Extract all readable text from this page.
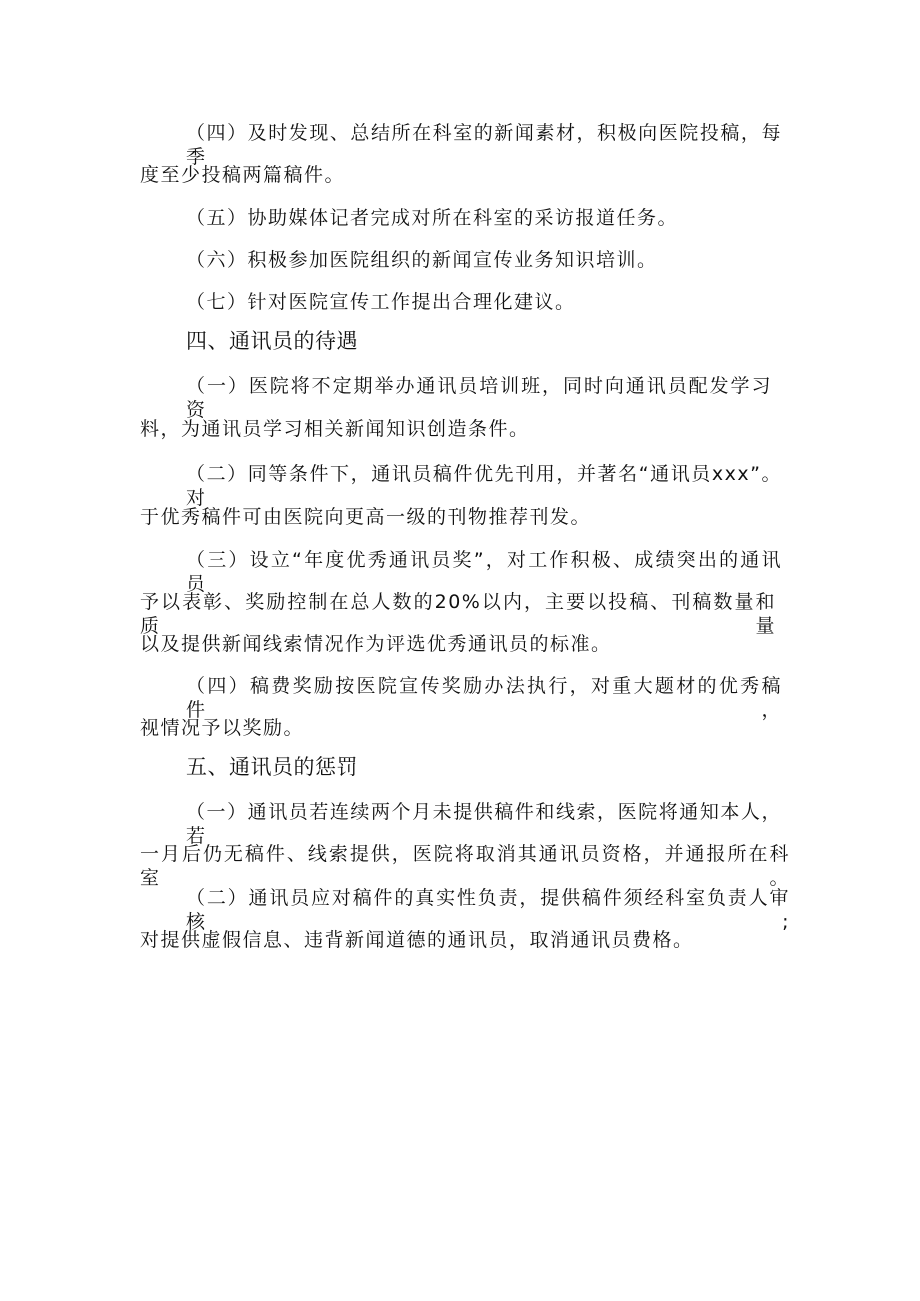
（四）及时发现、总结所在科室的新闻素材，积极向医院投稿，每季
度至少投稿两篇稿件。
（五）协助媒体记者完成对所在科室的采访报道任务。
（六）积极参加医院组织的新闻宣传业务知识培训。
（七）针对医院宣传工作提出合理化建议。
四、通讯员的待遇
（一）医院将不定期举办通讯员培训班，同时向通讯员配发学习资
料，为通讯员学习相关新闻知识创造条件。
（二）同等条件下，通讯员稿件优先刊用，并著名“通讯员xxx”。对
于优秀稿件可由医院向更高一级的刊物推荐刊发。
（三）设立“年度优秀通讯员奖”，对工作积极、成绩突出的通讯员
予以表彰、奖励控制在总人数的20%以内，主要以投稿、刊稿数量和质量
以及提供新闻线索情况作为评选优秀通讯员的标准。
（四）稿费奖励按医院宣传奖励办法执行，对重大题材的优秀稿件，
视情况予以奖励。
五、通讯员的惩罚
（一）通讯员若连续两个月未提供稿件和线索，医院将通知本人，若
一月后仍无稿件、线索提供，医院将取消其通讯员资格，并通报所在科室。
（二）通讯员应对稿件的真实性负责，提供稿件须经科室负责人审核;
对提供虚假信息、违背新闻道德的通讯员，取消通讯员费格。
